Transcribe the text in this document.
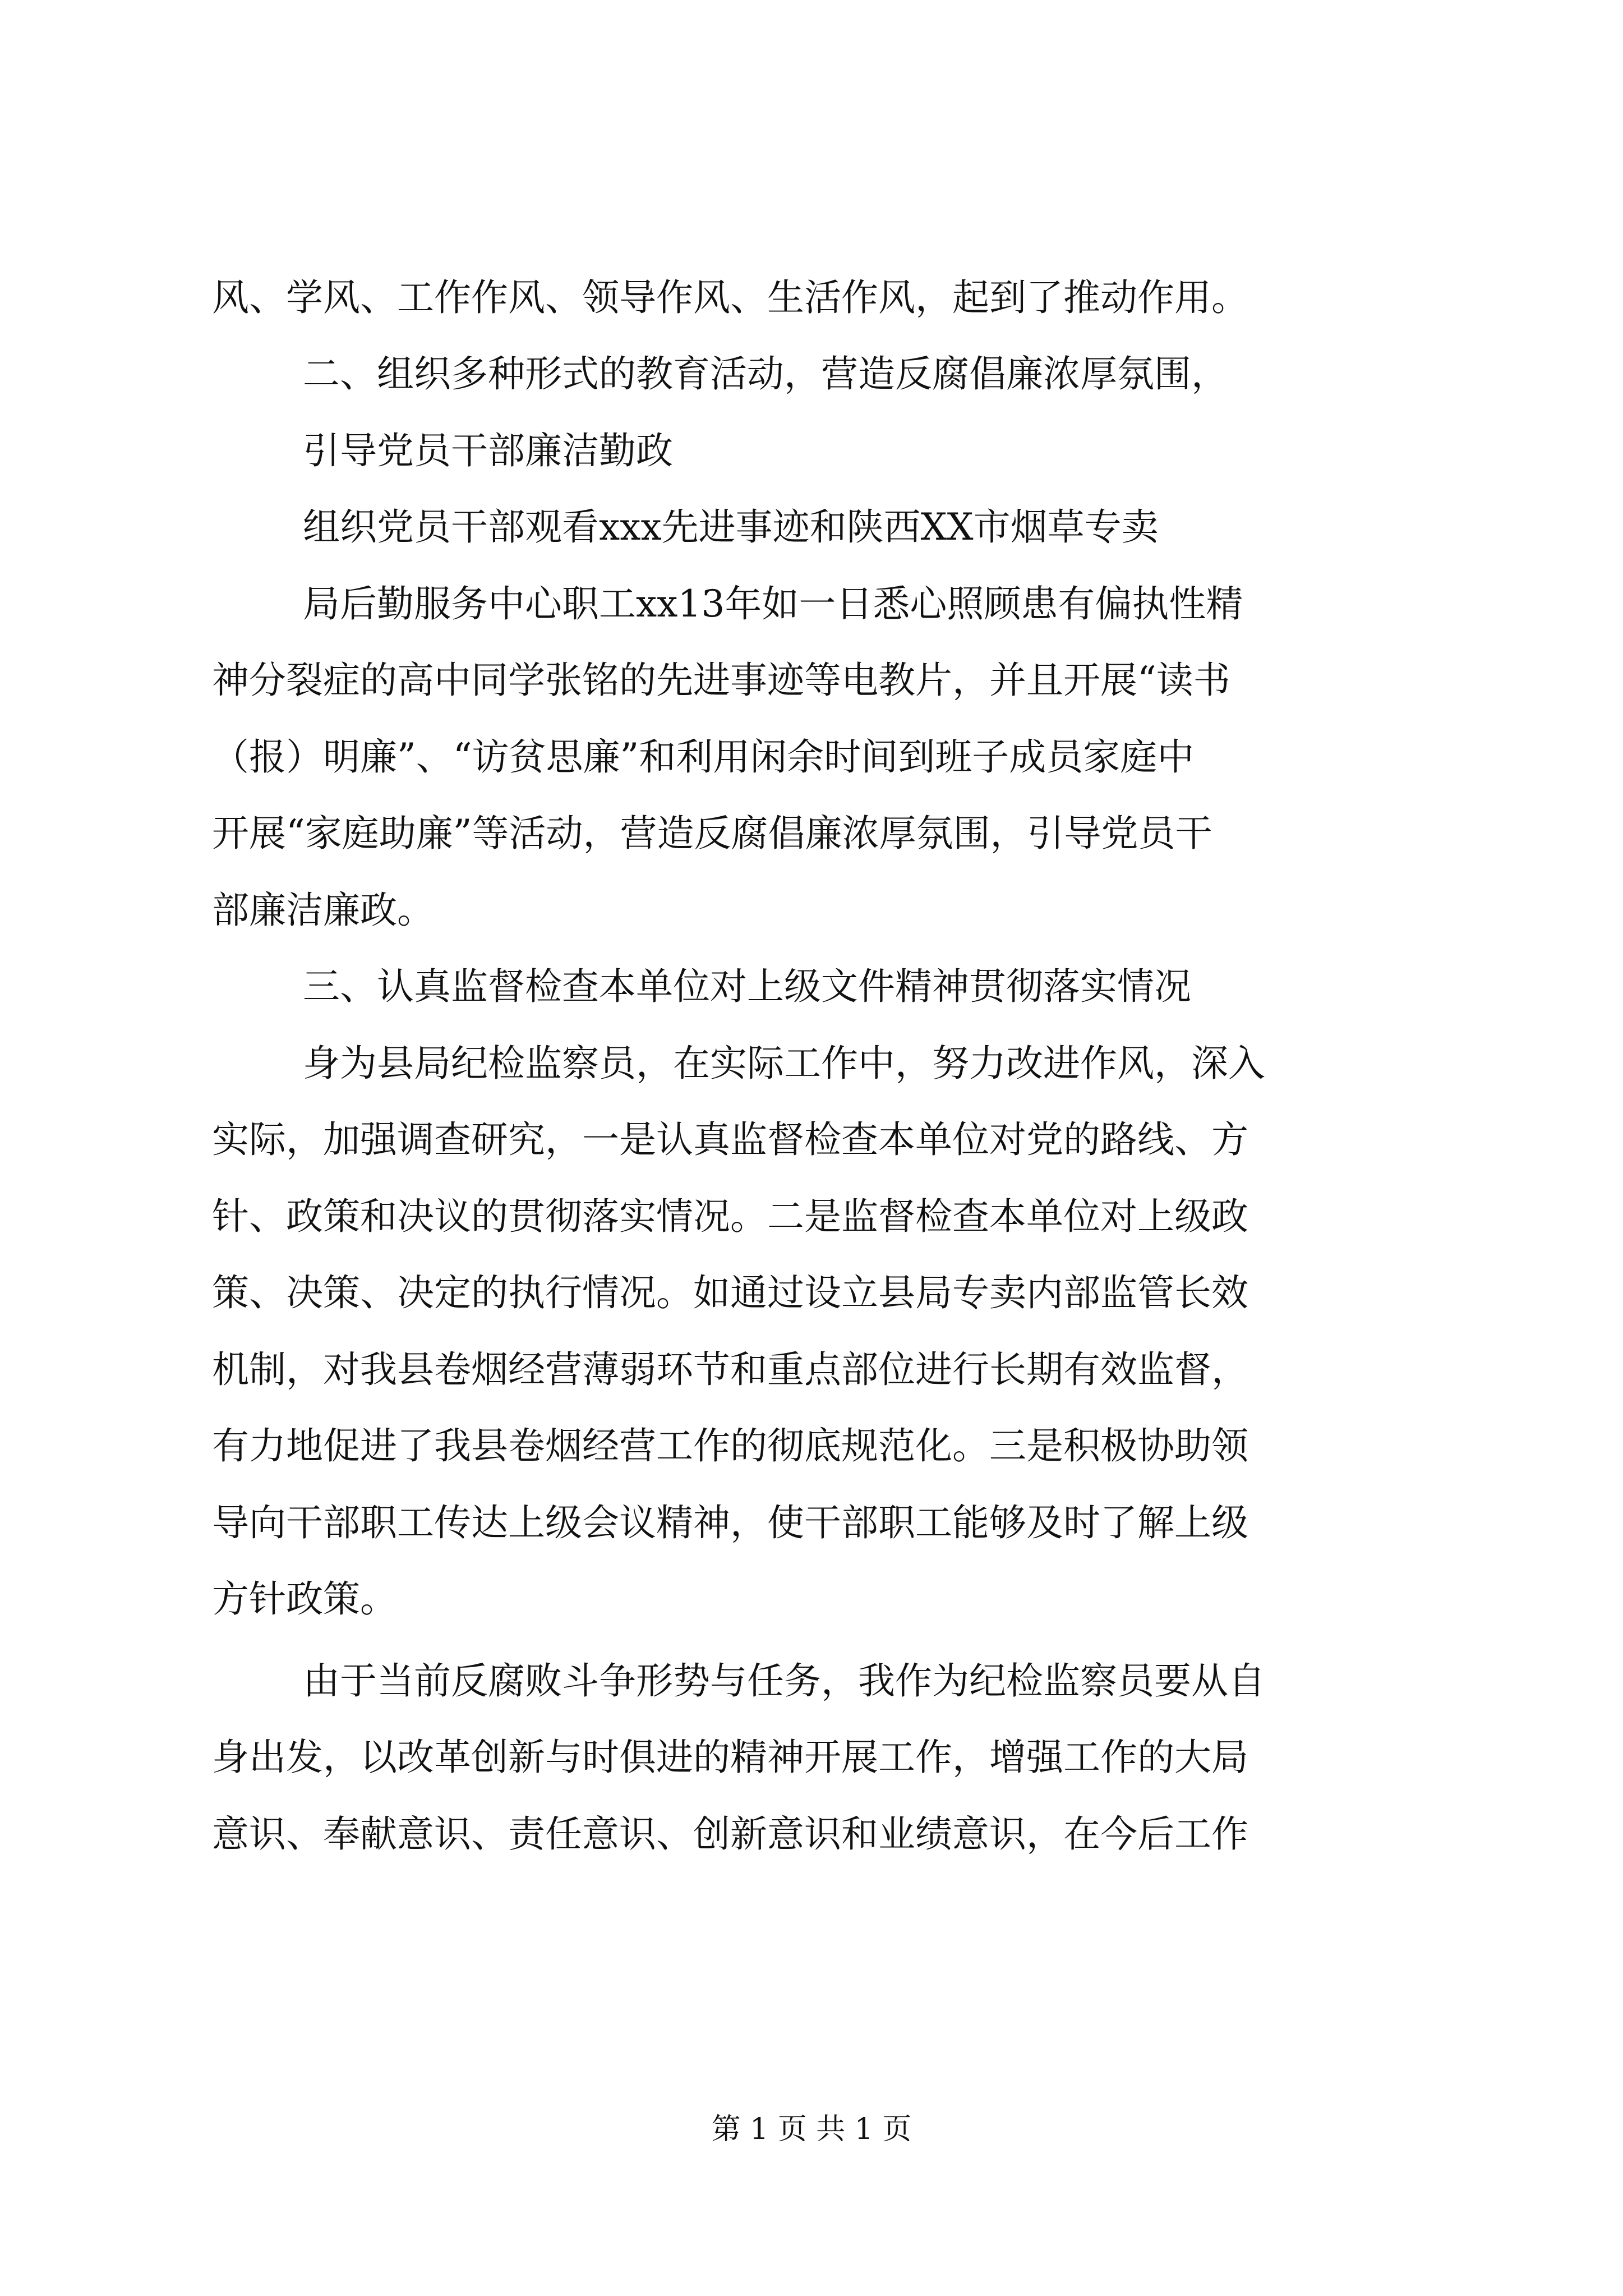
风、学风、工作作风、领导作风、生活作风，起到了推动作用。
二、组织多种形式的教育活动，营造反腐倡廉浓厚氛围，
引导党员干部廉洁勤政
组织党员干部观看xxx先进事迹和陕西XX市烟草专卖
局后勤服务中心职工xx13年如一日悉心照顾患有偏执性精
神分裂症的高中同学张铭的先进事迹等电教片，并且开展“读书
（报）明廉”、“访贫思廉”和利用闲余时间到班子成员家庭中
开展“家庭助廉”等活动，营造反腐倡廉浓厚氛围，引导党员干
部廉洁廉政。
三、认真监督检查本单位对上级文件精神贯彻落实情况
身为县局纪检监察员，在实际工作中，努力改进作风，深入
实际，加强调查研究，一是认真监督检查本单位对党的路线、方
针、政策和决议的贯彻落实情况。二是监督检查本单位对上级政
策、决策、决定的执行情况。如通过设立县局专卖内部监管长效
机制，对我县卷烟经营薄弱环节和重点部位进行长期有效监督，
有力地促进了我县卷烟经营工作的彻底规范化。三是积极协助领
导向干部职工传达上级会议精神，使干部职工能够及时了解上级
方针政策。
由于当前反腐败斗争形势与任务，我作为纪检监察员要从自
身出发，以改革创新与时俱进的精神开展工作，增强工作的大局
意识、奉献意识、责任意识、创新意识和业绩意识，在今后工作
第 1 页 共 1 页
